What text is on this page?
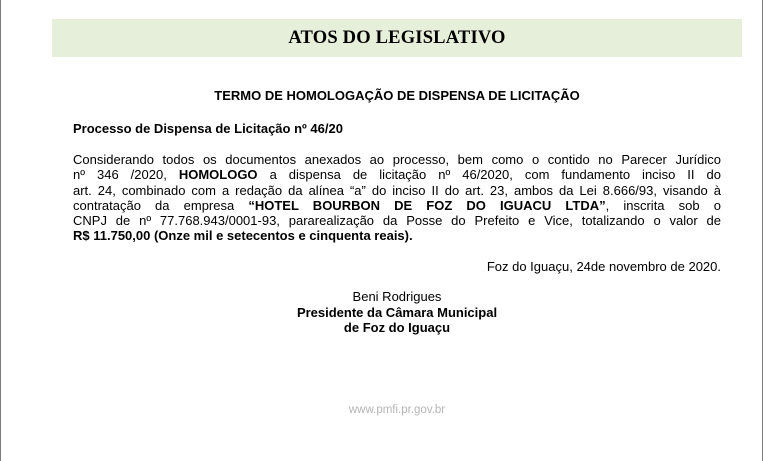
ATOS DO LEGISLATIVO
TERMO DE HOMOLOGAÇÃO DE DISPENSA DE LICITAÇÃO
Processo de Dispensa de Licitação nº 46/20
Considerando todos os documentos anexados ao processo, bem como o contido no Parecer Jurídico
nº 346 /2020, HOMOLOGO a dispensa de licitação nº 46/2020, com fundamento inciso II do
art. 24, combinado com a redação da alínea “a” do inciso II do art. 23, ambos da Lei 8.666/93, visando à
contratação da empresa “HOTEL BOURBON DE FOZ DO IGUACU LTDA”, inscrita sob o
CNPJ de nº 77.768.943/0001-93, pararealização da Posse do Prefeito e Vice, totalizando o valor de
R$ 11.750,00 (Onze mil e setecentos e cinquenta reais).
Foz do Iguaçu, 24de novembro de 2020.
Beni Rodrigues
Presidente da Câmara Municipal
de Foz do Iguaçu
www.pmfi.pr.gov.br
